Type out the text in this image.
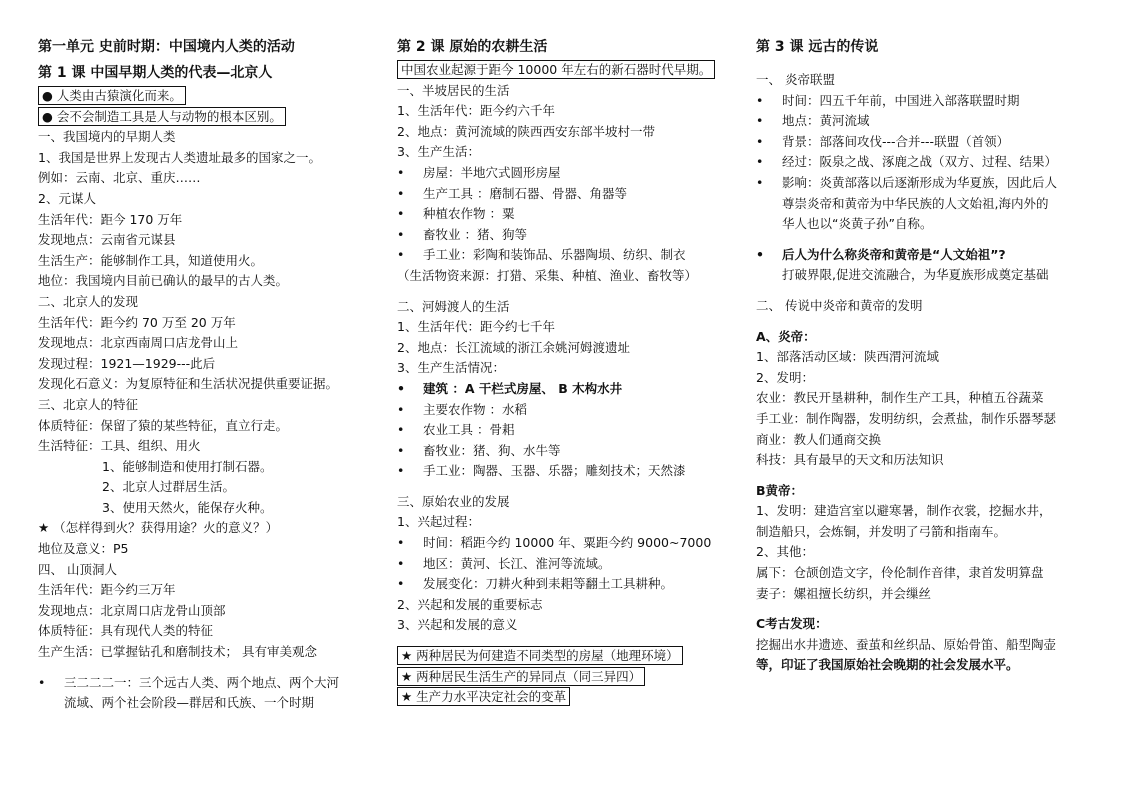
第一单元 史前时期：中国境内人类的活动
第 1 课 中国早期人类的代表—北京人
● 人类由古猿演化而来。
● 会不会制造工具是人与动物的根本区别。
一、我国境内的早期人类
1、我国是世界上发现古人类遗址最多的国家之一。
例如：云南、北京、重庆……
2、元谋人
生活年代：距今 170 万年
发现地点：云南省元谋县
生活生产：能够制作工具，知道使用火。
地位：我国境内目前已确认的最早的古人类。
二、北京人的发现
生活年代：距今约 70 万至 20 万年
发现地点：北京西南周口店龙骨山上
发现过程：1921—1929---此后
发现化石意义：为复原特征和生活状况提供重要证据。
三、北京人的特征
体质特征：保留了猿的某些特征，直立行走。
生活特征：工具、组织、用火
1、能够制造和使用打制石器。
2、北京人过群居生活。
3、使用天然火，能保存火种。
★ （怎样得到火？获得用途？火的意义？）
地位及意义：P5
四、 山顶洞人
生活年代：距今约三万年
发现地点：北京周口店龙骨山顶部
体质特征：具有现代人类的特征
生产生活：已掌握钻孔和磨制技术； 具有审美观念
• 三二二二一：三个远古人类、两个地点、两个大河
流域、两个社会阶段—群居和氏族、一个时期
第 2 课 原始的农耕生活
中国农业起源于距今 10000 年左右的新石器时代早期。
一、半坡居民的生活
1、生活年代：距今约六千年
2、地点：黄河流域的陕西西安东部半坡村一带
3、生产生活：
• 房屋：半地穴式圆形房屋
• 生产工具 ：磨制石器、骨器、角器等
• 种植农作物 ：粟
• 畜牧业 ：猪、狗等
• 手工业：彩陶和装饰品、乐器陶埙、纺织、制衣
（生活物资来源：打猎、采集、种植、渔业、畜牧等）
二、河姆渡人的生活
1、生活年代：距今约七千年
2、地点：长江流域的浙江余姚河姆渡遗址
3、生产生活情况：
• 建筑 ：A 干栏式房屋、 B 木构水井
• 主要农作物 ：水稻
• 农业工具 ：骨耜
• 畜牧业：猪、狗、水牛等
• 手工业：陶器、玉器、乐器；雕刻技术；天然漆
三、原始农业的发展
1、兴起过程：
• 时间：稻距今约 10000 年、粟距今约 9000~7000
• 地区：黄河、长江、淮河等流域。
• 发展变化：刀耕火种到耒耜等翻土工具耕种。
2、兴起和发展的重要标志
3、兴起和发展的意义
★ 两种居民为何建造不同类型的房屋（地理环境）
★ 两种居民生活生产的异同点（同三异四）
★ 生产力水平决定社会的变革
第 3 课 远古的传说
一、 炎帝联盟
• 时间：四五千年前，中国进入部落联盟时期
• 地点：黄河流域
• 背景：部落间攻伐---合并---联盟（首领）
• 经过：阪泉之战、涿鹿之战（双方、过程、结果）
• 影响：炎黄部落以后逐渐形成为华夏族，因此后人
尊崇炎帝和黄帝为中华民族的人文始祖,海内外的
华人也以“炎黄子孙”自称。
• 后人为什么称炎帝和黄帝是“人文始祖”?
打破界限,促进交流融合，为华夏族形成奠定基础
二、 传说中炎帝和黄帝的发明
A、炎帝：
1、部落活动区域：陕西渭河流域
2、发明：
农业：教民开垦耕种，制作生产工具，种植五谷蔬菜
手工业：制作陶器，发明纺织，会煮盐，制作乐器琴瑟
商业：教人们通商交换
科技：具有最早的天文和历法知识
B黄帝：
1、发明：建造宫室以避寒暑，制作衣裳，挖掘水井，
制造船只，会炼铜，并发明了弓箭和指南车。
2、其他：
属下：仓颉创造文字，伶伦制作音律，隶首发明算盘
妻子：嫘祖擅长纺织，并会缫丝
C考古发现：
挖掘出水井遗迹、蚕茧和丝织品、原始骨笛、船型陶壶
等，印证了我国原始社会晚期的社会发展水平。
